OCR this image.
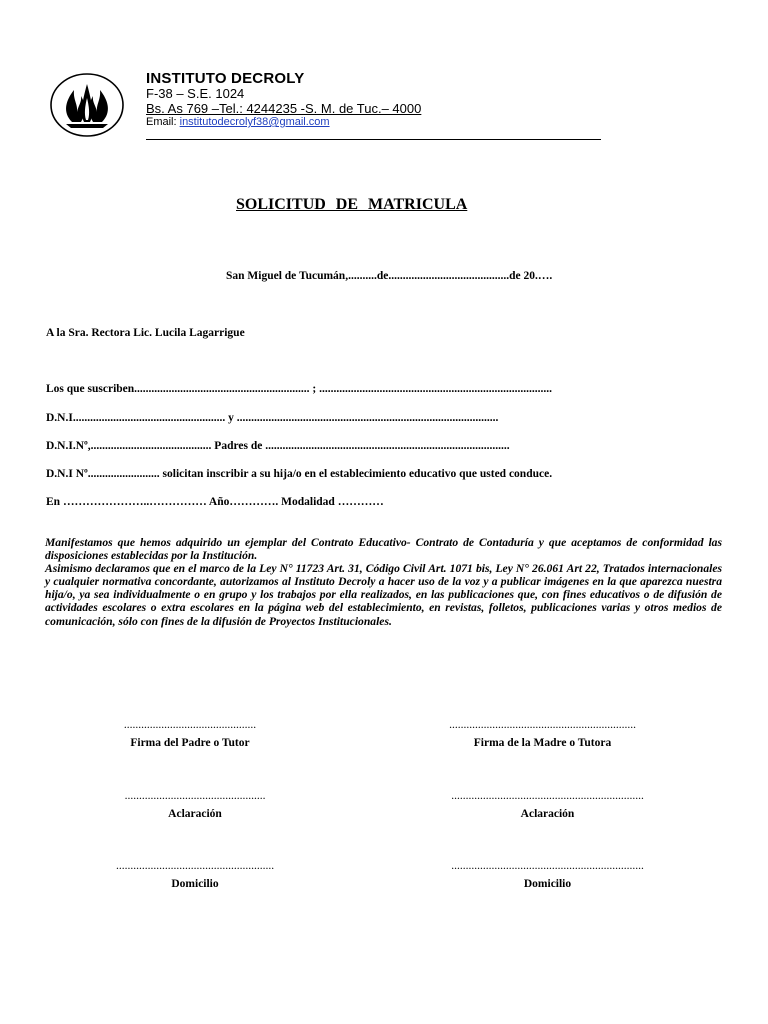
INSTITUTO DECROLY
F-38 – S.E. 1024
Bs. As 769 –Tel.: 4244235 -S. M. de Tuc.– 4000
Email: institutodecrolyf38@gmail.com
SOLICITUD DE MATRICULA
San Miguel de Tucumán,..........de..........................................de 20.….
A la Sra. Rectora Lic. Lucila Lagarrigue
Los que suscriben............................................................. ; .................................................................................
D.N.I..................................................... y ...........................................................................................
D.N.I.Nº,.......................................... Padres de .....................................................................................
D.N.I Nº......................... solicitan inscribir a su hija/o en el establecimiento educativo que usted conduce.
En …………………..…………… Año…………. Modalidad …………

Manifestamos que hemos adquirido un ejemplar del Contrato Educativo- Contrato de Contaduría y que aceptamos de conformidad las disposiciones establecidas por la Institución.

Asimismo declaramos que en el marco de la Ley N° 11723 Art. 31, Código Civil Art. 1071 bis, Ley N° 26.061 Art 22, Tratados internacionales y cualquier normativa concordante, autorizamos al Instituto Decroly a hacer uso de la voz y a publicar imágenes en la que aparezca nuestra hija/o, ya sea individualmente o en grupo y los trabajos por ella realizados, en las publicaciones que, con fines educativos o de difusión de actividades escolares o extra escolares en la página web del establecimiento, en revistas, folletos, publicaciones varias y otros medios de comunicación, sólo con fines de la difusión de Proyectos Institucionales.

..............................................
Firma del Padre o Tutor
.................................................................
Firma de la Madre o Tutora
.................................................
Aclaración
...................................................................
Aclaración
.......................................................
Domicilio
...................................................................
Domicilio
